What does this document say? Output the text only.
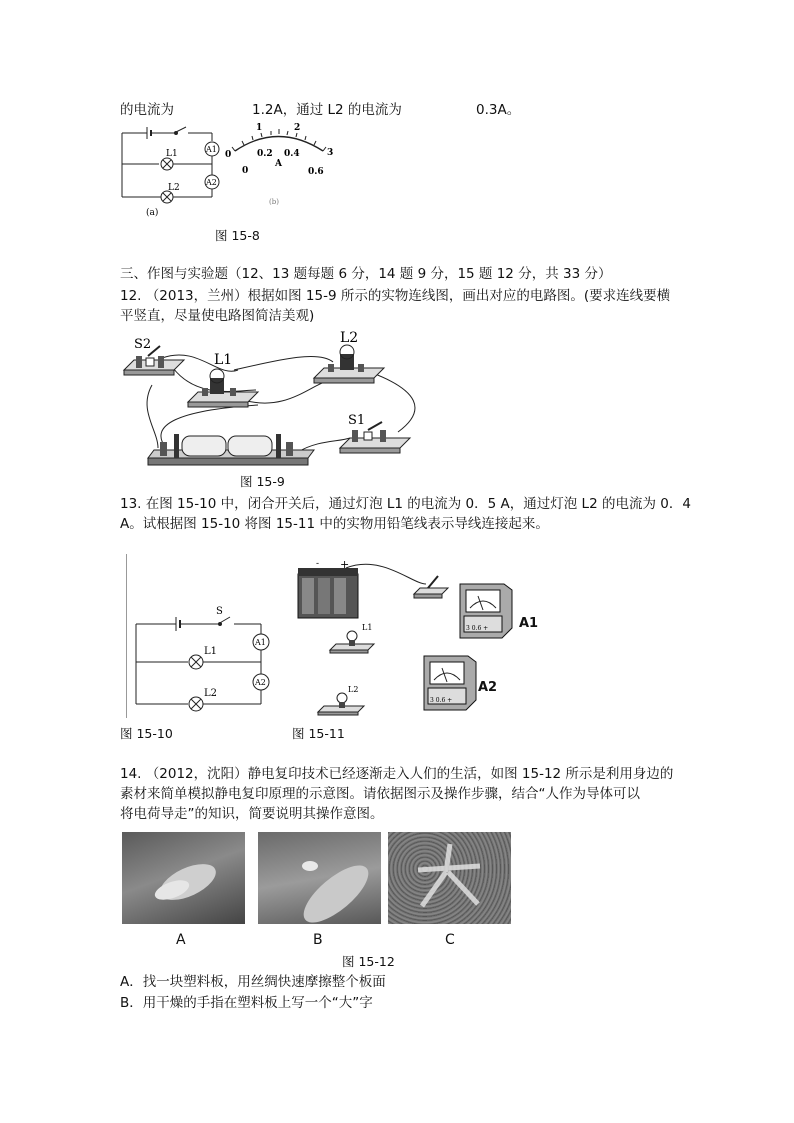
的电流为	1.2A，通过 L2 的电流为	0.3A。
A1
A2
L1
L2
(a)
0
1	2
3
0
0.2 0.4
0.6
A
(b)
图 15-8
三、作图与实验题（12、13 题每题 6 分，14 题 9 分，15 题 12 分，共 33 分）
12. （2013，兰州）根据如图 15-9 所示的实物连线图，画出对应的电路图。(要求连线要横
平竖直，尽量使电路图简洁美观)
S2
L1
L2
S1
图 15-9
13. 在图 15-10 中，闭合开关后，通过灯泡 L1 的电流为 0．5 A，通过灯泡 L2 的电流为 0．4
A。试根据图 15-10 将图 15-11 中的实物用铅笔线表示导线连接起来。
S
A1
A2
L1
L2
- +
L1
L2
3 0.6 +
3 0.6 +
A1
A2
图 15-10	图 15-11
14. （2012，沈阳）静电复印技术已经逐渐走入人们的生活，如图 15-12 所示是利用身边的
素材来简单模拟静电复印原理的示意图。请依据图示及操作步骤，结合“人作为导体可以
将电荷导走”的知识，简要说明其操作意图。
A	B	C
图 15-12
A．找一块塑料板，用丝绸快速摩擦整个板面
B．用干燥的手指在塑料板上写一个“大”字
